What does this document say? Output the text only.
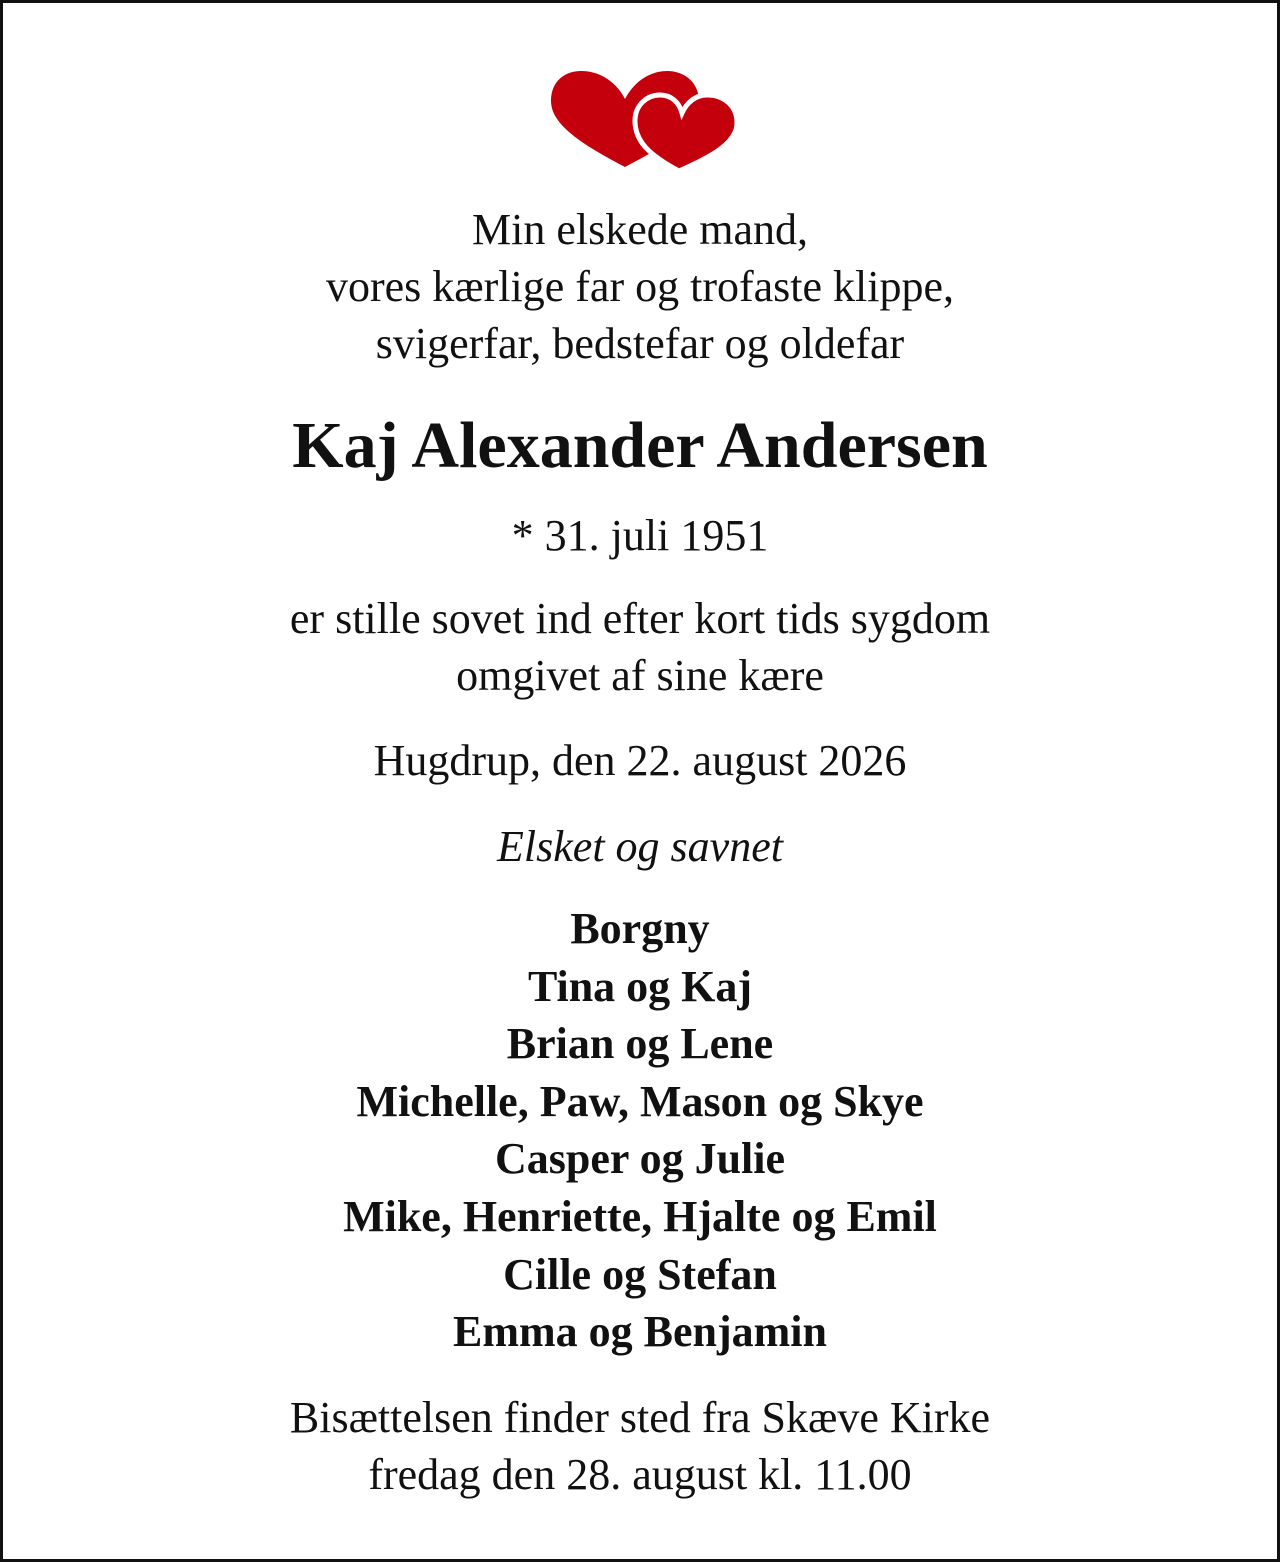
Min elskede mand,
vores kærlige far og trofaste klippe,
svigerfar, bedstefar og oldefar
Kaj Alexander Andersen
* 31. juli 1951
er stille sovet ind efter kort tids sygdom
omgivet af sine kære
Hugdrup, den 22. august 2026
Elsket og savnet
Borgny
Tina og Kaj
Brian og Lene
Michelle, Paw, Mason og Skye
Casper og Julie
Mike, Henriette, Hjalte og Emil
Cille og Stefan
Emma og Benjamin
Bisættelsen finder sted fra Skæve Kirke
fredag den 28. august kl. 11.00
